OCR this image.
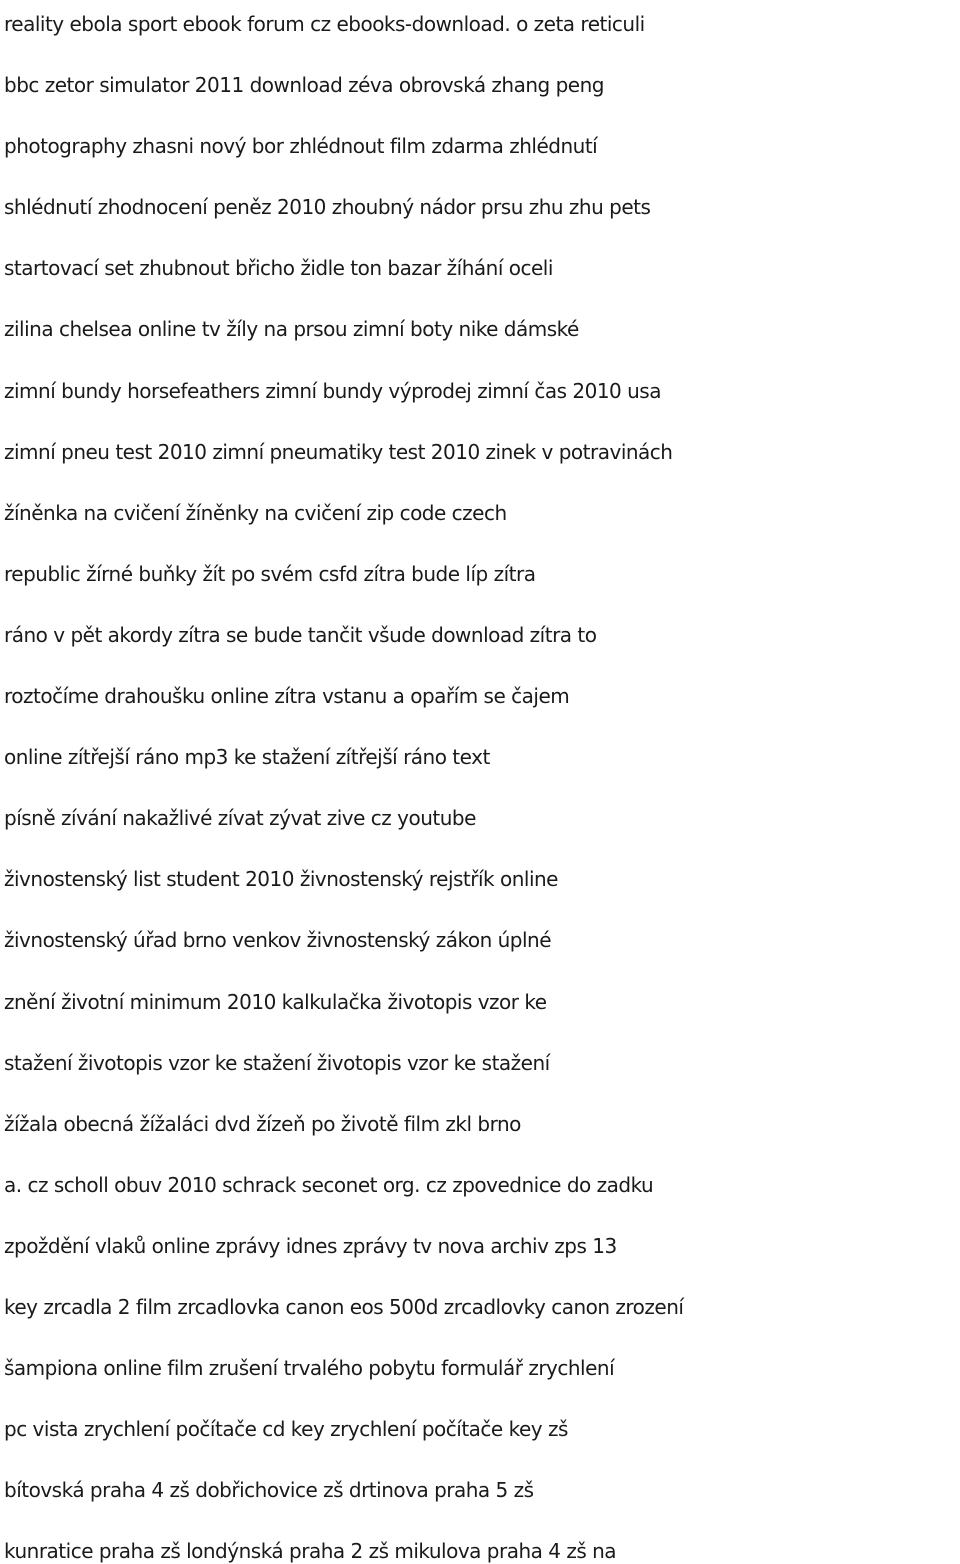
reality ebola sport ebook forum cz ebooks-download. o zeta reticuli
bbc zetor simulator 2011 download zéva obrovská zhang peng
photography zhasni nový bor zhlédnout film zdarma zhlédnutí
shlédnutí zhodnocení peněz 2010 zhoubný nádor prsu zhu zhu pets
startovací set zhubnout břicho židle ton bazar žíhání oceli
zilina chelsea online tv žíly na prsou zimní boty nike dámské
zimní bundy horsefeathers zimní bundy výprodej zimní čas 2010 usa
zimní pneu test 2010 zimní pneumatiky test 2010 zinek v potravinách
žíněnka na cvičení žíněnky na cvičení zip code czech
republic žírné buňky žít po svém csfd zítra bude líp zítra
ráno v pět akordy zítra se bude tančit všude download zítra to
roztočíme drahoušku online zítra vstanu a opařím se čajem
online zítřejší ráno mp3 ke stažení zítřejší ráno text
písně zívání nakažlivé zívat zývat zive cz youtube
živnostenský list student 2010 živnostenský rejstřík online
živnostenský úřad brno venkov živnostenský zákon úplné
znění životní minimum 2010 kalkulačka životopis vzor ke
stažení životopis vzor ke stažení životopis vzor ke stažení
žížala obecná žížaláci dvd žízeň po životě film zkl brno
a. cz scholl obuv 2010 schrack seconet org. cz zpovednice do zadku
zpoždění vlaků online zprávy idnes zprávy tv nova archiv zps 13
key zrcadla 2 film zrcadlovka canon eos 500d zrcadlovky canon zrození
šampiona online film zrušení trvalého pobytu formulář zrychlení
pc vista zrychlení počítače cd key zrychlení počítače key zš
bítovská praha 4 zš dobřichovice zš drtinova praha 5 zš
kunratice praha zš londýnská praha 2 zš mikulova praha 4 zš na
